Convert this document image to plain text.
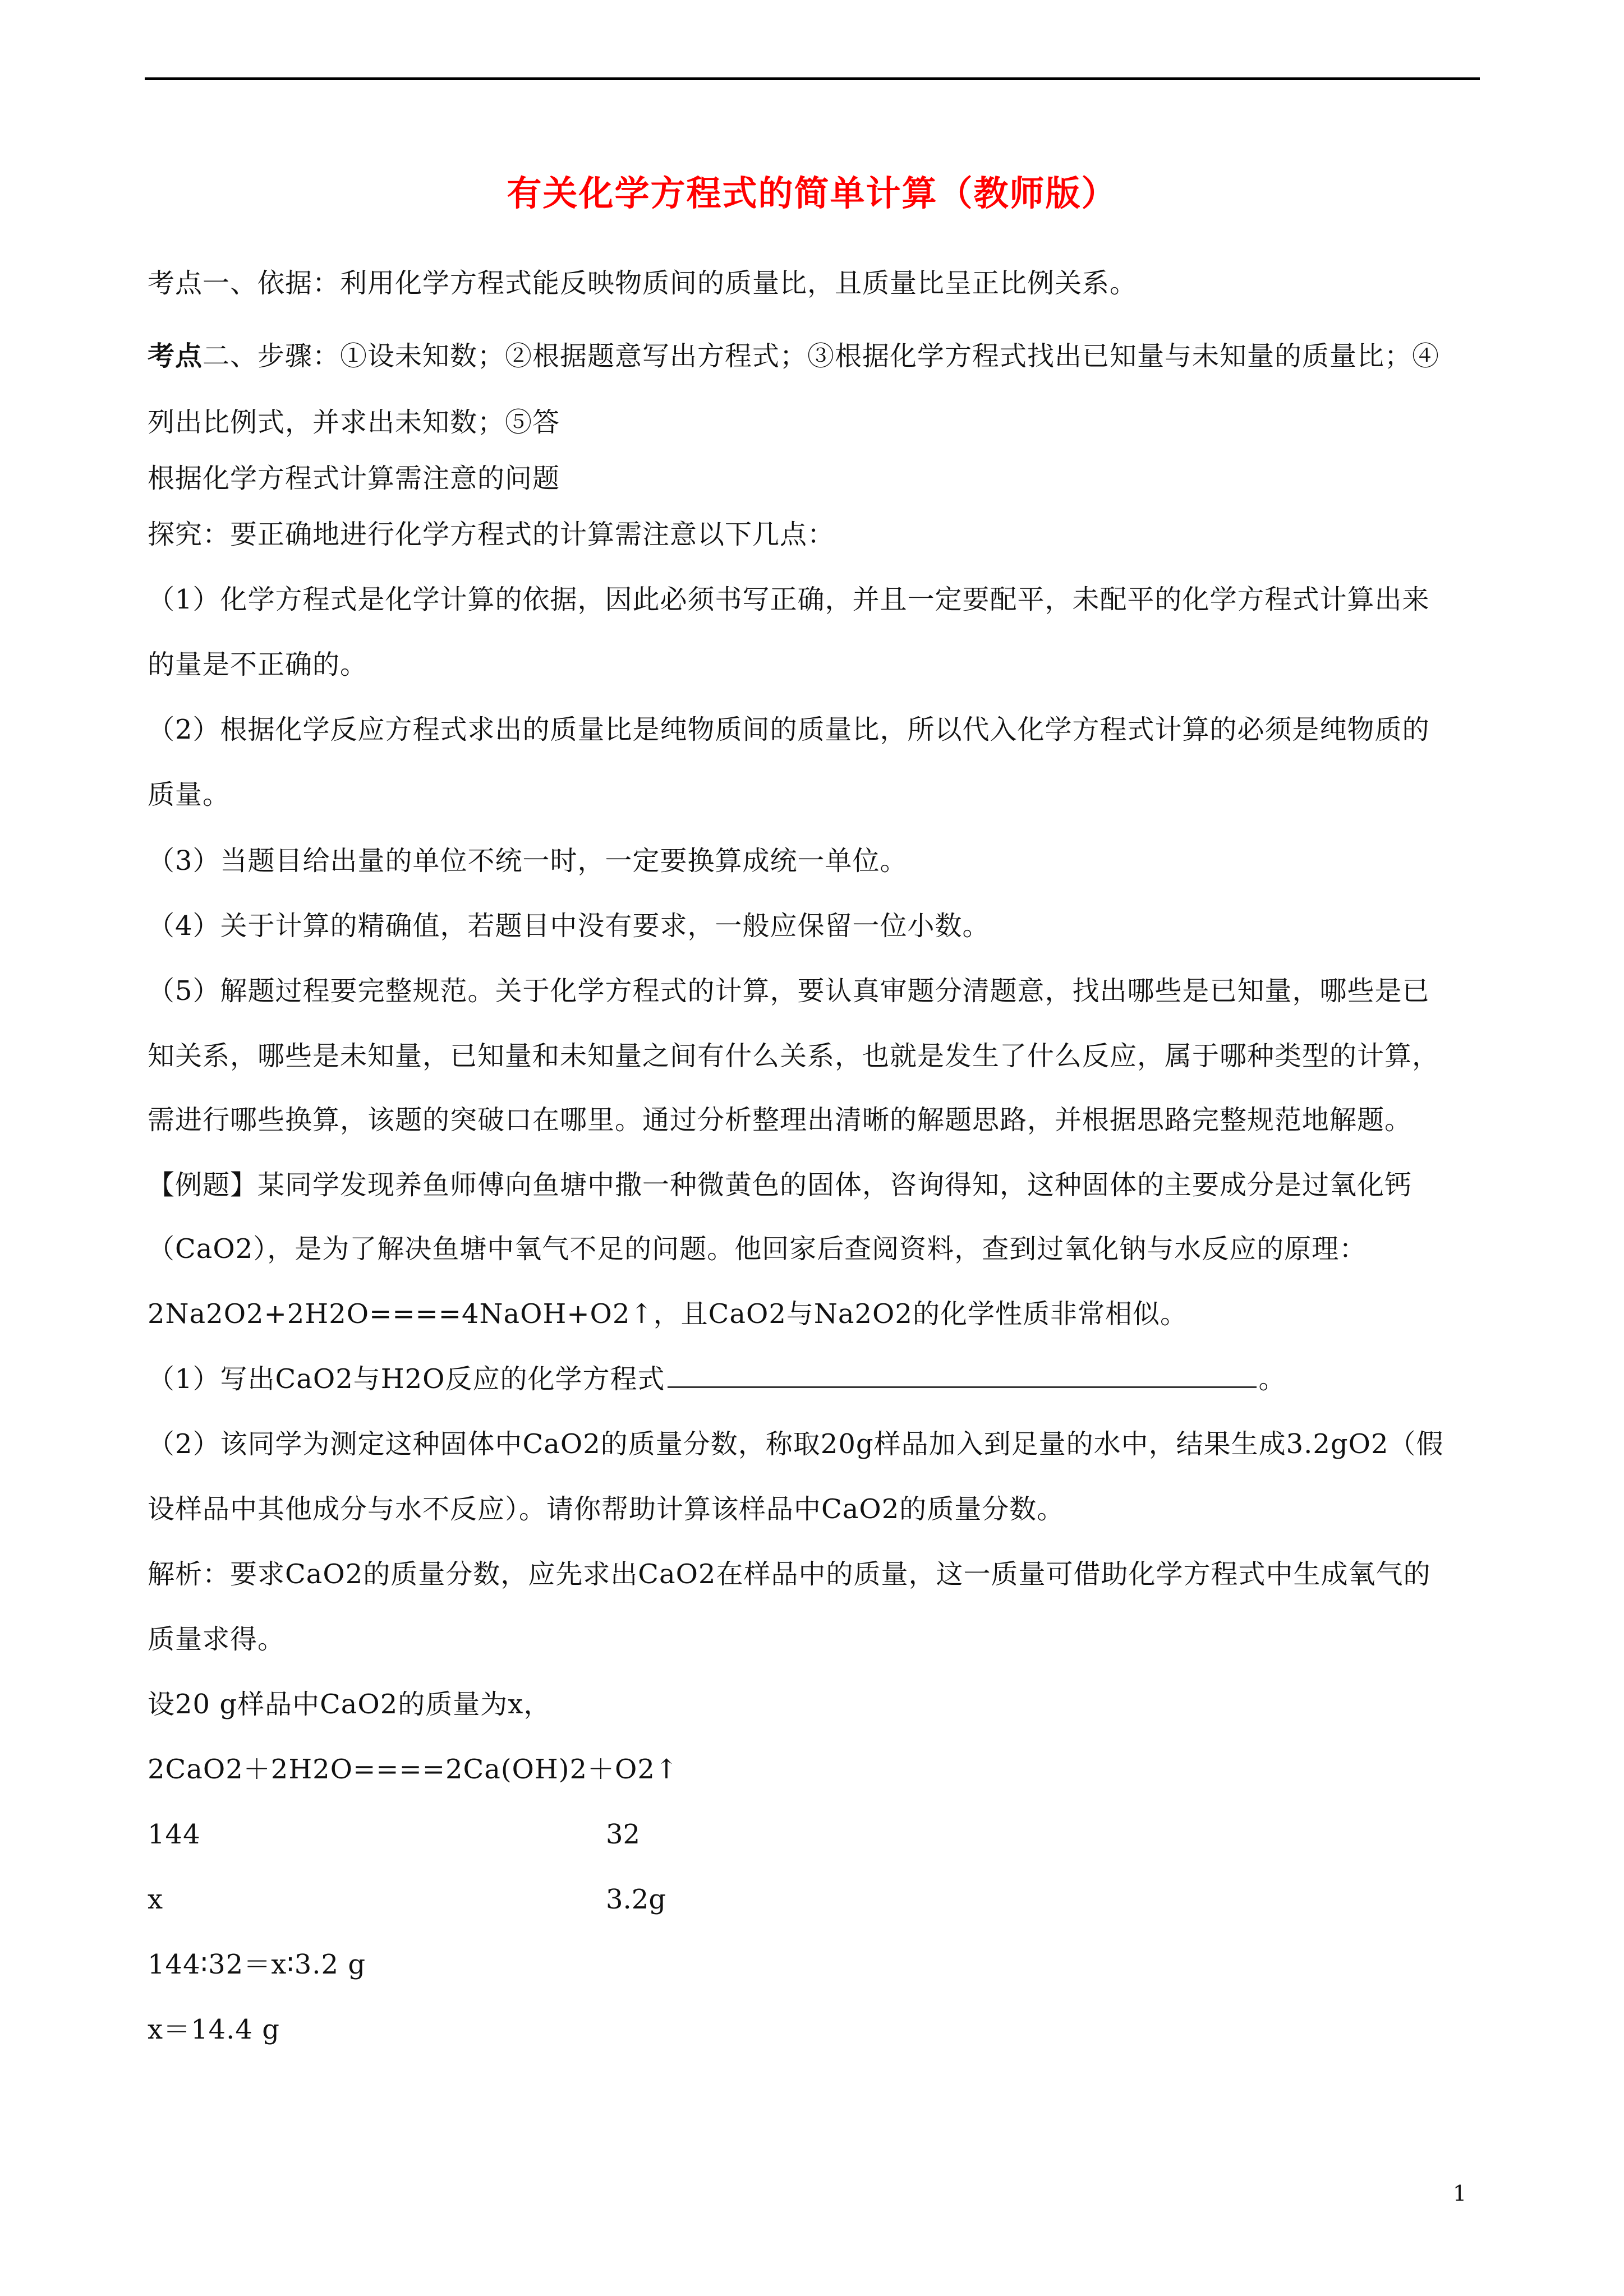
有关化学方程式的简单计算（教师版）
考点一、依据：利用化学方程式能反映物质间的质量比，且质量比呈正比例关系。
考点二、步骤：①设未知数；②根据题意写出方程式；③根据化学方程式找出已知量与未知量的质量比；④
列出比例式，并求出未知数；⑤答
根据化学方程式计算需注意的问题
探究：要正确地进行化学方程式的计算需注意以下几点：
（1）化学方程式是化学计算的依据，因此必须书写正确，并且一定要配平，未配平的化学方程式计算出来
的量是不正确的。
（2）根据化学反应方程式求出的质量比是纯物质间的质量比，所以代入化学方程式计算的必须是纯物质的
质量。
（3）当题目给出量的单位不统一时，一定要换算成统一单位。
（4）关于计算的精确值，若题目中没有要求，一般应保留一位小数。
（5）解题过程要完整规范。关于化学方程式的计算，要认真审题分清题意，找出哪些是已知量，哪些是已
知关系，哪些是未知量，已知量和未知量之间有什么关系，也就是发生了什么反应，属于哪种类型的计算，
需进行哪些换算，该题的突破口在哪里。通过分析整理出清晰的解题思路，并根据思路完整规范地解题。
【例题】某同学发现养鱼师傅向鱼塘中撒一种微黄色的固体，咨询得知，这种固体的主要成分是过氧化钙
（CaO2），是为了解决鱼塘中氧气不足的问题。他回家后查阅资料，查到过氧化钠与水反应的原理：
2Na2O2+2H2O====4NaOH+O2↑，且CaO2与Na2O2的化学性质非常相似。
（1）写出CaO2与H2O反应的化学方程式	。
（2）该同学为测定这种固体中CaO2的质量分数，称取20g样品加入到足量的水中，结果生成3.2gO2（假
设样品中其他成分与水不反应）。请你帮助计算该样品中CaO2的质量分数。
解析：要求CaO2的质量分数，应先求出CaO2在样品中的质量，这一质量可借助化学方程式中生成氧气的
质量求得。
设20 g样品中CaO2的质量为x，
2CaO2＋2H2O====2Ca(OH)2＋O2↑
144	32
x	3.2g
144∶32＝x∶3.2 g
x＝14.4 g
1
